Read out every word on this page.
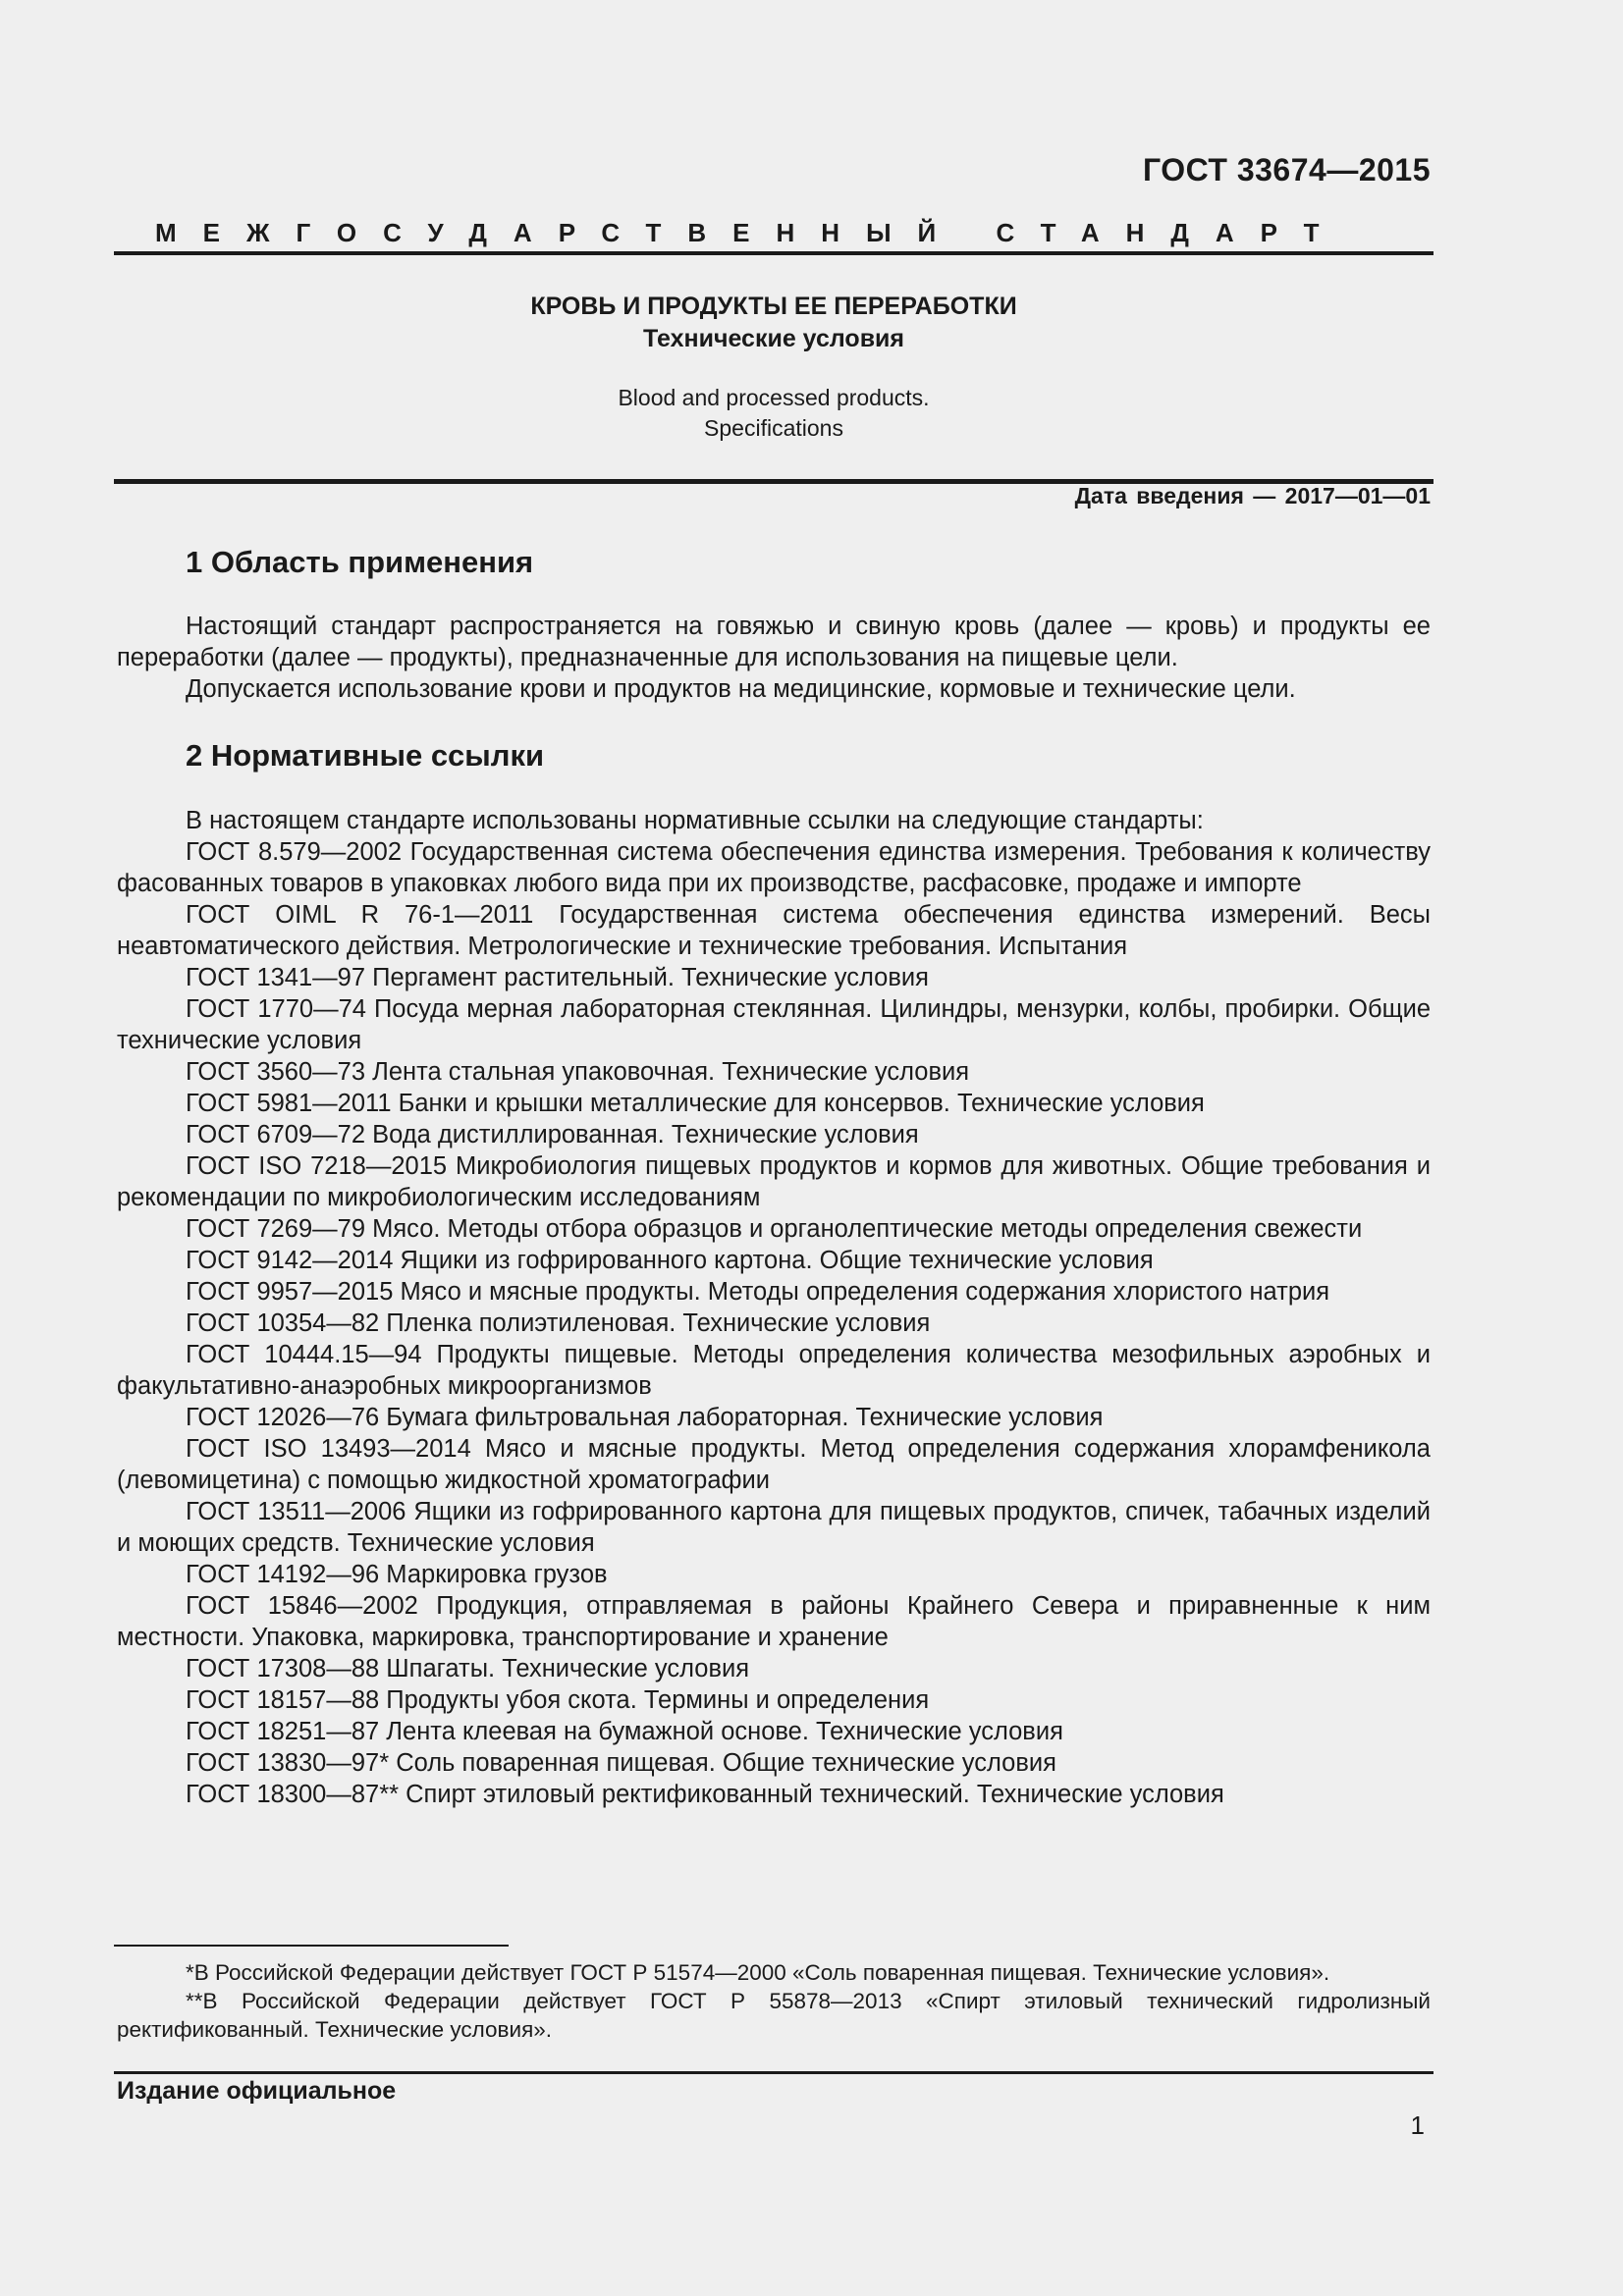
ГОСТ 33674—2015
МЕЖГОСУДАРСТВЕННЫЙ СТАНДАРТ
КРОВЬ И ПРОДУКТЫ ЕЕ ПЕРЕРАБОТКИ
Технические условия
Blood and processed products.
Specifications
Дата введения — 2017—01—01
1 Область применения

Настоящий стандарт распространяется на говяжью и свиную кровь (далее — кровь) и продукты ее переработки (далее — продукты), предназначенные для использования на пищевые цели.

Допускается использование крови и продуктов на медицинские, кормовые и технические цели.

2 Нормативные ссылки

В настоящем стандарте использованы нормативные ссылки на следующие стандарты:

ГОСТ 8.579—2002 Государственная система обеспечения единства измерения. Требования к количеству фасованных товаров в упаковках любого вида при их производстве, расфасовке, продаже и импорте

ГОСТ OIML R 76-1—2011 Государственная система обеспечения единства измерений. Весы неавтоматического действия. Метрологические и технические требования. Испытания

ГОСТ 1341—97 Пергамент растительный. Технические условия

ГОСТ 1770—74 Посуда мерная лабораторная стеклянная. Цилиндры, мензурки, колбы, пробирки. Общие технические условия

ГОСТ 3560—73 Лента стальная упаковочная. Технические условия

ГОСТ 5981—2011 Банки и крышки металлические для консервов. Технические условия

ГОСТ 6709—72 Вода дистиллированная. Технические условия

ГОСТ ISO 7218—2015 Микробиология пищевых продуктов и кормов для животных. Общие требования и рекомендации по микробиологическим исследованиям

ГОСТ 7269—79 Мясо. Методы отбора образцов и органолептические методы определения свежести

ГОСТ 9142—2014 Ящики из гофрированного картона. Общие технические условия

ГОСТ 9957—2015 Мясо и мясные продукты. Методы определения содержания хлористого натрия

ГОСТ 10354—82 Пленка полиэтиленовая. Технические условия

ГОСТ 10444.15—94 Продукты пищевые. Методы определения количества мезофильных аэробных и факультативно-анаэробных микроорганизмов

ГОСТ 12026—76 Бумага фильтровальная лабораторная. Технические условия

ГОСТ ISO 13493—2014 Мясо и мясные продукты. Метод определения содержания хлорамфеникола (левомицетина) с помощью жидкостной хроматографии

ГОСТ 13511—2006 Ящики из гофрированного картона для пищевых продуктов, спичек, табачных изделий и моющих средств. Технические условия

ГОСТ 14192—96 Маркировка грузов

ГОСТ 15846—2002 Продукция, отправляемая в районы Крайнего Севера и приравненные к ним местности. Упаковка, маркировка, транспортирование и хранение

ГОСТ 17308—88 Шпагаты. Технические условия

ГОСТ 18157—88 Продукты убоя скота. Термины и определения

ГОСТ 18251—87 Лента клеевая на бумажной основе. Технические условия

ГОСТ 13830—97* Соль поваренная пищевая. Общие технические условия

ГОСТ 18300—87** Спирт этиловый ректификованный технический. Технические условия

*В Российской Федерации действует ГОСТ Р 51574—2000 «Соль поваренная пищевая. Технические условия».

**В Российской Федерации действует ГОСТ Р 55878—2013 «Спирт этиловый технический гидролизный ректификованный. Технические условия».

Издание официальное
1
